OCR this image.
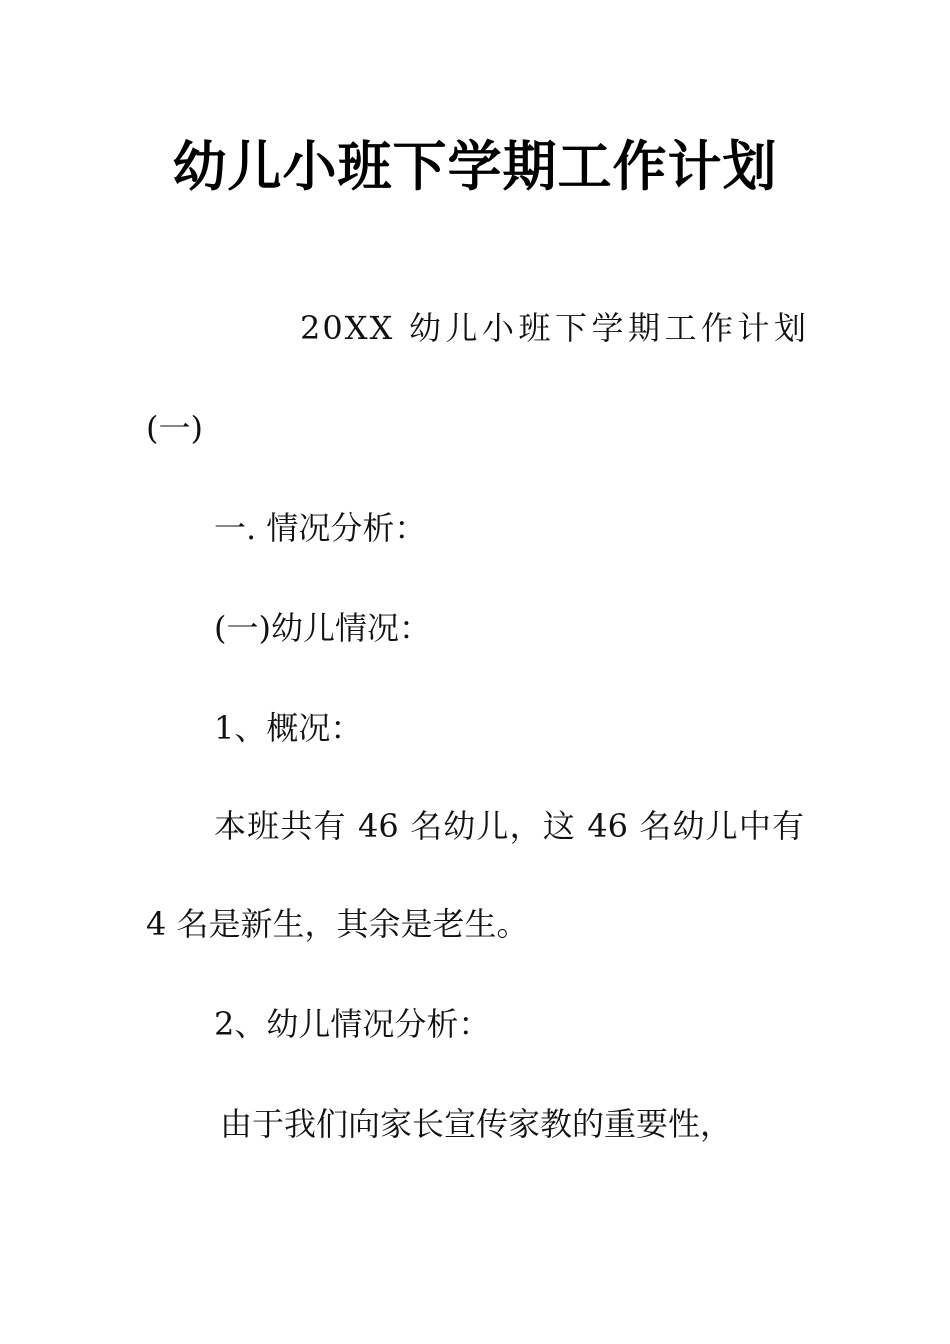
幼儿小班下学期工作计划
20XX 幼儿小班下学期工作计划
(一)
一. 情况分析：
(一)幼儿情况：
1、概况：
本班共有 46 名幼儿，这 46 名幼儿中有
4 名是新生，其余是老生。
2、幼儿情况分析：
由于我们向家长宣传家教的重要性，
